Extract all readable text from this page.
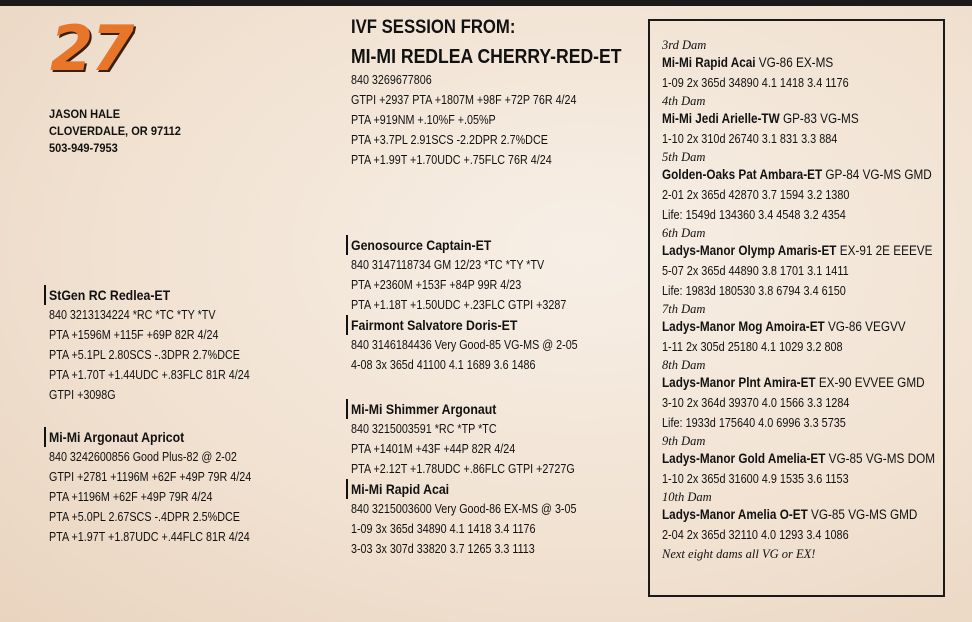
27
JASON HALE
CLOVERDALE, OR 97112
503-949-7953
IVF SESSION FROM:
MI-MI REDLEA CHERRY-RED-ET
840 3269677806
GTPI +2937 PTA +1807M +98F +72P 76R 4/24
PTA +919NM +.10%F +.05%P
PTA +3.7PL 2.91SCS -2.2DPR 2.7%DCE
PTA +1.99T +1.70UDC +.75FLC 76R 4/24
StGen RC Redlea-ET
840 3213134224 *RC *TC *TY *TV
PTA +1596M +115F +69P 82R 4/24
PTA +5.1PL 2.80SCS -.3DPR 2.7%DCE
PTA +1.70T +1.44UDC +.83FLC 81R 4/24
GTPI +3098G
Mi-Mi Argonaut Apricot
840 3242600856 Good Plus-82 @ 2-02
GTPI +2781 +1196M +62F +49P 79R 4/24
PTA +1196M +62F +49P 79R 4/24
PTA +5.0PL 2.67SCS -.4DPR 2.5%DCE
PTA +1.97T +1.87UDC +.44FLC 81R 4/24
Genosource Captain-ET
840 3147118734 GM 12/23 *TC *TY *TV
PTA +2360M +153F +84P 99R 4/23
PTA +1.18T +1.50UDC +.23FLC GTPI +3287
Fairmont Salvatore Doris-ET
840 3146184436 Very Good-85 VG-MS @ 2-05
4-08 3x 365d 41100 4.1 1689 3.6 1486
Mi-Mi Shimmer Argonaut
840 3215003591 *RC *TP *TC
PTA +1401M +43F +44P 82R 4/24
PTA +2.12T +1.78UDC +.86FLC GTPI +2727G
Mi-Mi Rapid Acai
840 3215003600 Very Good-86 EX-MS @ 3-05
1-09 3x 365d 34890 4.1 1418 3.4 1176
3-03 3x 307d 33820 3.7 1265 3.3 1113
3rd Dam
Mi-Mi Rapid Acai VG-86 EX-MS
1-09 2x 365d 34890 4.1 1418 3.4 1176
4th Dam
Mi-Mi Jedi Arielle-TW GP-83 VG-MS
1-10 2x 310d 26740 3.1 831 3.3 884
5th Dam
Golden-Oaks Pat Ambara-ET GP-84 VG-MS GMD
2-01 2x 365d 42870 3.7 1594 3.2 1380
Life: 1549d 134360 3.4 4548 3.2 4354
6th Dam
Ladys-Manor Olymp Amaris-ET EX-91 2E EEEVE
5-07 2x 365d 44890 3.8 1701 3.1 1411
Life: 1983d 180530 3.8 6794 3.4 6150
7th Dam
Ladys-Manor Mog Amoira-ET VG-86 VEGVV
1-11 2x 305d 25180 4.1 1029 3.2 808
8th Dam
Ladys-Manor Plnt Amira-ET EX-90 EVVEE GMD
3-10 2x 364d 39370 4.0 1566 3.3 1284
Life: 1933d 175640 4.0 6996 3.3 5735
9th Dam
Ladys-Manor Gold Amelia-ET VG-85 VG-MS DOM
1-10 2x 365d 31600 4.9 1535 3.6 1153
10th Dam
Ladys-Manor Amelia O-ET VG-85 VG-MS GMD
2-04 2x 365d 32110 4.0 1293 3.4 1086
Next eight dams all VG or EX!
